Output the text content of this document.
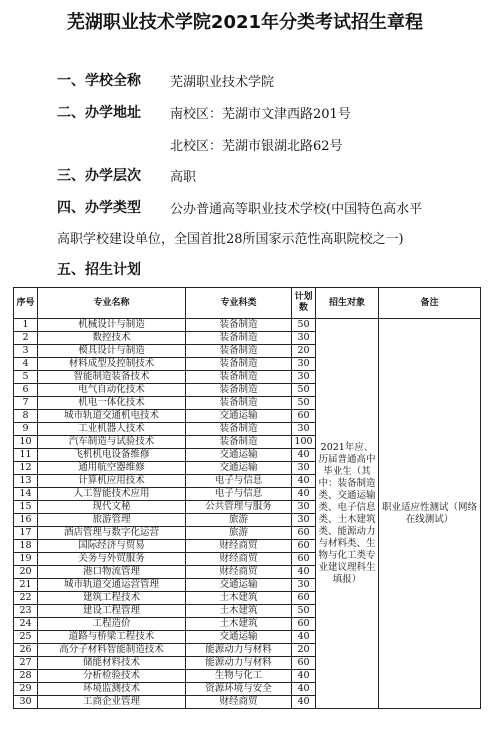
芜湖职业技术学院2021年分类考试招生章程
一、学校全称 芜湖职业技术学院
二、办学地址 南校区：芜湖市文津西路201号
北校区：芜湖市银湖北路62号
三、办学层次 高职
四、办学类型 公办普通高等职业技术学校(中国特色高水平
高职学校建设单位，全国首批28所国家示范性高职院校之一)
五、招生计划
序号	专业名称	专业科类	计划数	招生对象	备注
1	机械设计与制造	装备制造	50	2021年应、历届普通高中毕业生（其中：装备制造类、交通运输类、电子信息类、土木建筑类、能源动力与材料类、生物与化工类专业建议理科生填报）	职业适应性测试（网络在线测试）
2	数控技术	装备制造	30		
3	模具设计与制造	装备制造	20		
4	材料成型及控制技术	装备制造	30		
5	智能制造装备技术	装备制造	30		
6	电气自动化技术	装备制造	50		
7	机电一体化技术	装备制造	50		
8	城市轨道交通机电技术	交通运输	60		
9	工业机器人技术	装备制造	30		
10	汽车制造与试验技术	装备制造	100		
11	飞机机电设备维修	交通运输	40		
12	通用航空器维修	交通运输	30		
13	计算机应用技术	电子与信息	40		
14	人工智能技术应用	电子与信息	40		
15	现代文秘	公共管理与服务	30		
16	旅游管理	旅游	30		
17	酒店管理与数字化运营	旅游	60		
18	国际经济与贸易	财经商贸	60		
19	关务与外贸服务	财经商贸	60		
20	港口物流管理	财经商贸	40		
21	城市轨道交通运营管理	交通运输	30		
22	建筑工程技术	土木建筑	60		
23	建设工程管理	土木建筑	50		
24	工程造价	土木建筑	60		
25	道路与桥梁工程技术	交通运输	40		
26	高分子材料智能制造技术	能源动力与材料	20		
27	储能材料技术	能源动力与材料	60		
28	分析检验技术	生物与化工	40		
29	环境监测技术	资源环境与安全	40		
30	工商企业管理	财经商贸	40		
